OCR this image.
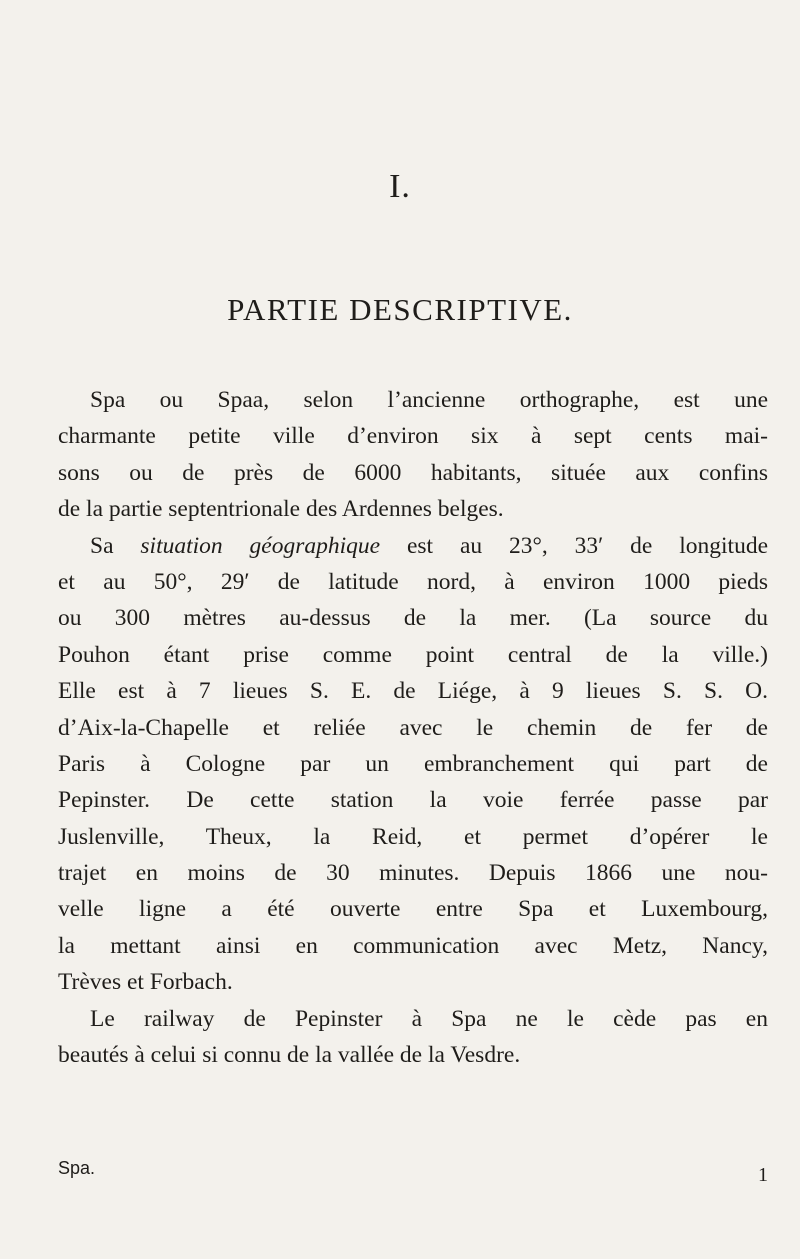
I.
PARTIE DESCRIPTIVE.
Spa ou Spaa, selon l’ancienne orthographe, est une
charmante petite ville d’environ six à sept cents mai-
sons ou de près de 6000 habitants, située aux confins
de la partie septentrionale des Ardennes belges.
Sa situation géographique est au 23°, 33′ de longitude
et au 50°, 29′ de latitude nord, à environ 1000 pieds
ou 300 mètres au-dessus de la mer. (La source du
Pouhon étant prise comme point central de la ville.)
Elle est à 7 lieues S. E. de Liége, à 9 lieues S. S. O.
d’Aix-la-Chapelle et reliée avec le chemin de fer de
Paris à Cologne par un embranchement qui part de
Pepinster. De cette station la voie ferrée passe par
Juslenville, Theux, la Reid, et permet d’opérer le
trajet en moins de 30 minutes. Depuis 1866 une nou-
velle ligne a été ouverte entre Spa et Luxembourg,
la mettant ainsi en communication avec Metz, Nancy,
Trèves et Forbach.
Le railway de Pepinster à Spa ne le cède pas en
beautés à celui si connu de la vallée de la Vesdre.
Spa.	1
